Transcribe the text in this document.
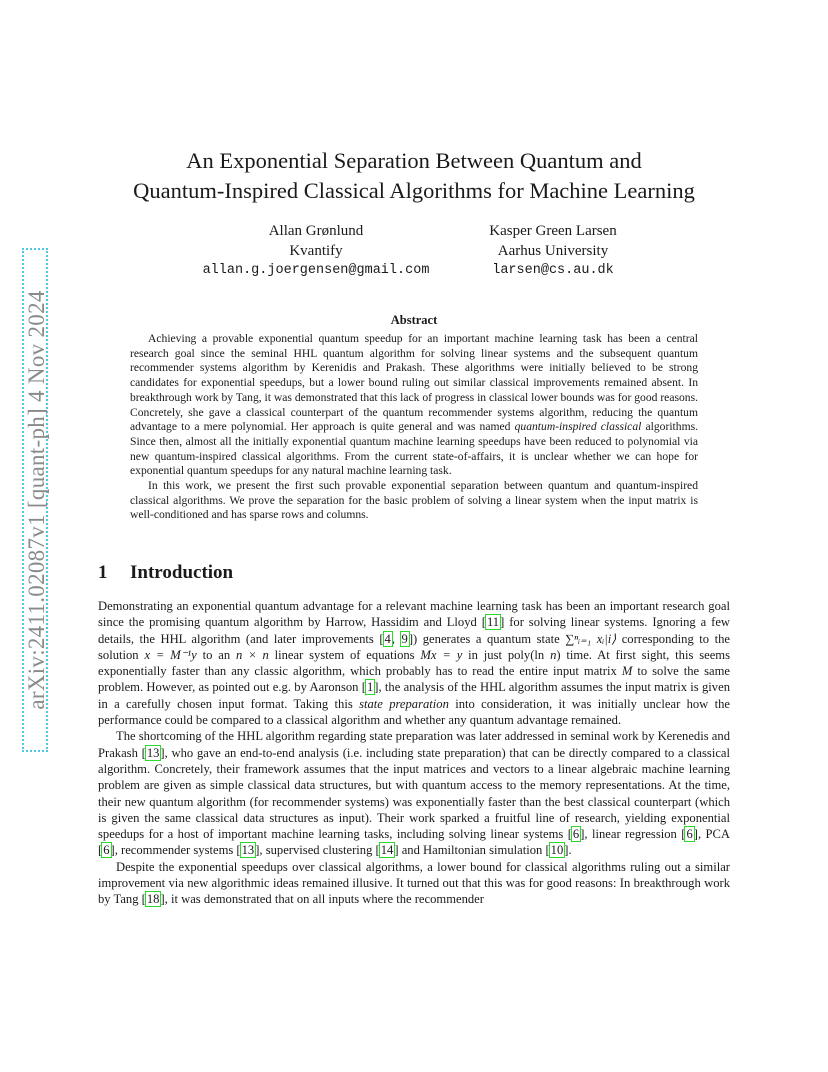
arXiv:2411.02087v1 [quant-ph] 4 Nov 2024
An Exponential Separation Between Quantum and
Quantum-Inspired Classical Algorithms for Machine Learning
Allan Grønlund
Kvantify
allan.g.joergensen@gmail.com
Kasper Green Larsen
Aarhus University
larsen@cs.au.dk
Abstract

Achieving a provable exponential quantum speedup for an important machine learning task has been a central research goal since the seminal HHL quantum algorithm for solving linear systems and the subsequent quantum recommender systems algorithm by Kerenidis and Prakash. These algorithms were initially believed to be strong candidates for exponential speedups, but a lower bound ruling out similar classical improvements remained absent. In breakthrough work by Tang, it was demonstrated that this lack of progress in classical lower bounds was for good reasons. Concretely, she gave a classical counterpart of the quantum recommender systems algorithm, reducing the quantum advantage to a mere polynomial. Her approach is quite general and was named quantum-inspired classical algorithms. Since then, almost all the initially exponential quantum machine learning speedups have been reduced to polynomial via new quantum-inspired classical algorithms. From the current state-of-affairs, it is unclear whether we can hope for exponential quantum speedups for any natural machine learning task.

In this work, we present the first such provable exponential separation between quantum and quantum-inspired classical algorithms. We prove the separation for the basic problem of solving a linear system when the input matrix is well-conditioned and has sparse rows and columns.

1 Introduction

Demonstrating an exponential quantum advantage for a relevant machine learning task has been an important research goal since the promising quantum algorithm by Harrow, Hassidim and Lloyd [11] for solving linear systems. Ignoring a few details, the HHL algorithm (and later improvements [4, 9]) generates a quantum state ∑ⁿᵢ₌₁ xᵢ|i⟩ corresponding to the solution x = M⁻¹y to an n × n linear system of equations Mx = y in just poly(ln n) time. At first sight, this seems exponentially faster than any classic algorithm, which probably has to read the entire input matrix M to solve the same problem. However, as pointed out e.g. by Aaronson [1], the analysis of the HHL algorithm assumes the input matrix is given in a carefully chosen input format. Taking this state preparation into consideration, it was initially unclear how the performance could be compared to a classical algorithm and whether any quantum advantage remained.

The shortcoming of the HHL algorithm regarding state preparation was later addressed in seminal work by Kerenedis and Prakash [13], who gave an end-to-end analysis (i.e. including state preparation) that can be directly compared to a classical algorithm. Concretely, their framework assumes that the input matrices and vectors to a linear algebraic machine learning problem are given as simple classical data structures, but with quantum access to the memory representations. At the time, their new quantum algorithm (for recommender systems) was exponentially faster than the best classical counterpart (which is given the same classical data structures as input). Their work sparked a fruitful line of research, yielding exponential speedups for a host of important machine learning tasks, including solving linear systems [6], linear regression [6], PCA [6], recommender systems [13], supervised clustering [14] and Hamiltonian simulation [10].

Despite the exponential speedups over classical algorithms, a lower bound for classical algorithms ruling out a similar improvement via new algorithmic ideas remained illusive. It turned out that this was for good reasons: In breakthrough work by Tang [18], it was demonstrated that on all inputs where the recommender
